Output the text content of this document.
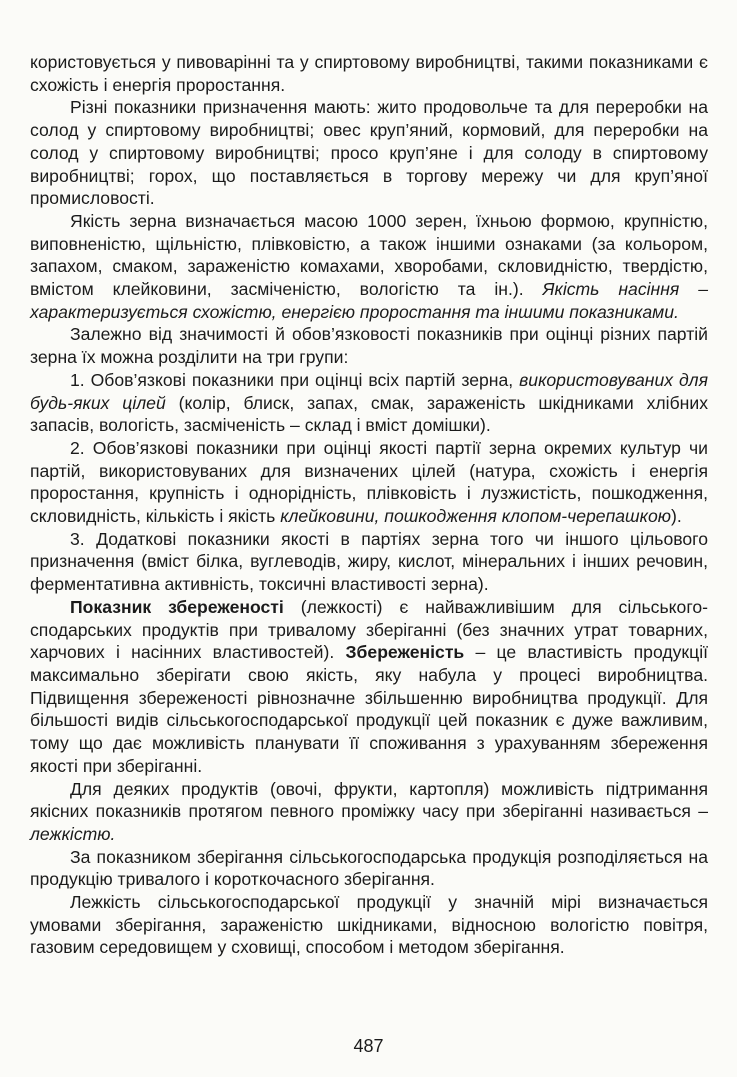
користовується у пивоварінні та у спиртовому виробництві, такими показниками є схожість і енергія проростання.

Різні показники призначення мають: жито продовольче та для переробки на солод у спиртовому виробництві; овес круп’яний, кормовий, для переробки на солод у спиртовому виробництві; просо круп’яне і для солоду в спиртовому виробництві; горох, що поставляється в торгову мережу чи для круп’яної промисловості.

Якість зерна визначається масою 1000 зерен, їхньою формою, крупністю, виповненістю, щільністю, плівковістю, а також іншими ознаками (за кольором, запахом, смаком, зараженістю комахами, хворобами, скловидністю, твердістю, вмістом клейковини, засміченістю, вологістю та ін.). Якість насіння – характеризується схожістю, енергією проростання та іншими показниками.

Залежно від значимості й обов’язковості показників при оцінці різних партій зерна їх можна розділити на три групи:

1. Обов’язкові показники при оцінці всіх партій зерна, використовуваних для будь-яких цілей (колір, блиск, запах, смак, зараженість шкідниками хлібних запасів, вологість, засміченість – склад і вміст домішки).

2. Обов’язкові показники при оцінці якості партії зерна окремих культур чи партій, використовуваних для визначених цілей (натура, схожість і енергія проростання, крупність і однорідність, плівковість і лузжистість, пошкодження, скловидність, кількість і якість клейковини, пошкодження клопом-черепашкою).

3. Додаткові показники якості в партіях зерна того чи іншого цільового призначення (вміст білка, вуглеводів, жиру, кислот, мінеральних і інших речовин, ферментативна активність, токсичні властивості зерна).

Показник збереженості (лежкості) є найважливішим для сільськогосподарських продуктів при тривалому зберіганні (без значних утрат товарних, харчових і насінних властивостей). Збереженість – це властивість продукції максимально зберігати свою якість, яку набула у процесі виробництва. Підвищення збереженості рівнозначне збільшенню виробництва продукції. Для більшості видів сільськогосподарської продукції цей показник є дуже важливим, тому що дає можливість планувати її споживання з урахуванням збереження якості при зберіганні.

Для деяких продуктів (овочі, фрукти, картопля) можливість підтримання якісних показників протягом певного проміжку часу при зберіганні називається – лежкістю.

За показником зберігання сільськогосподарська продукція розподіляється на продукцію тривалого і короткочасного зберігання.

Лежкість сільськогосподарської продукції у значній мірі визначається умовами зберігання, зараженістю шкідниками, відносною вологістю повітря, газовим середовищем у сховищі, способом і методом зберігання.

487
